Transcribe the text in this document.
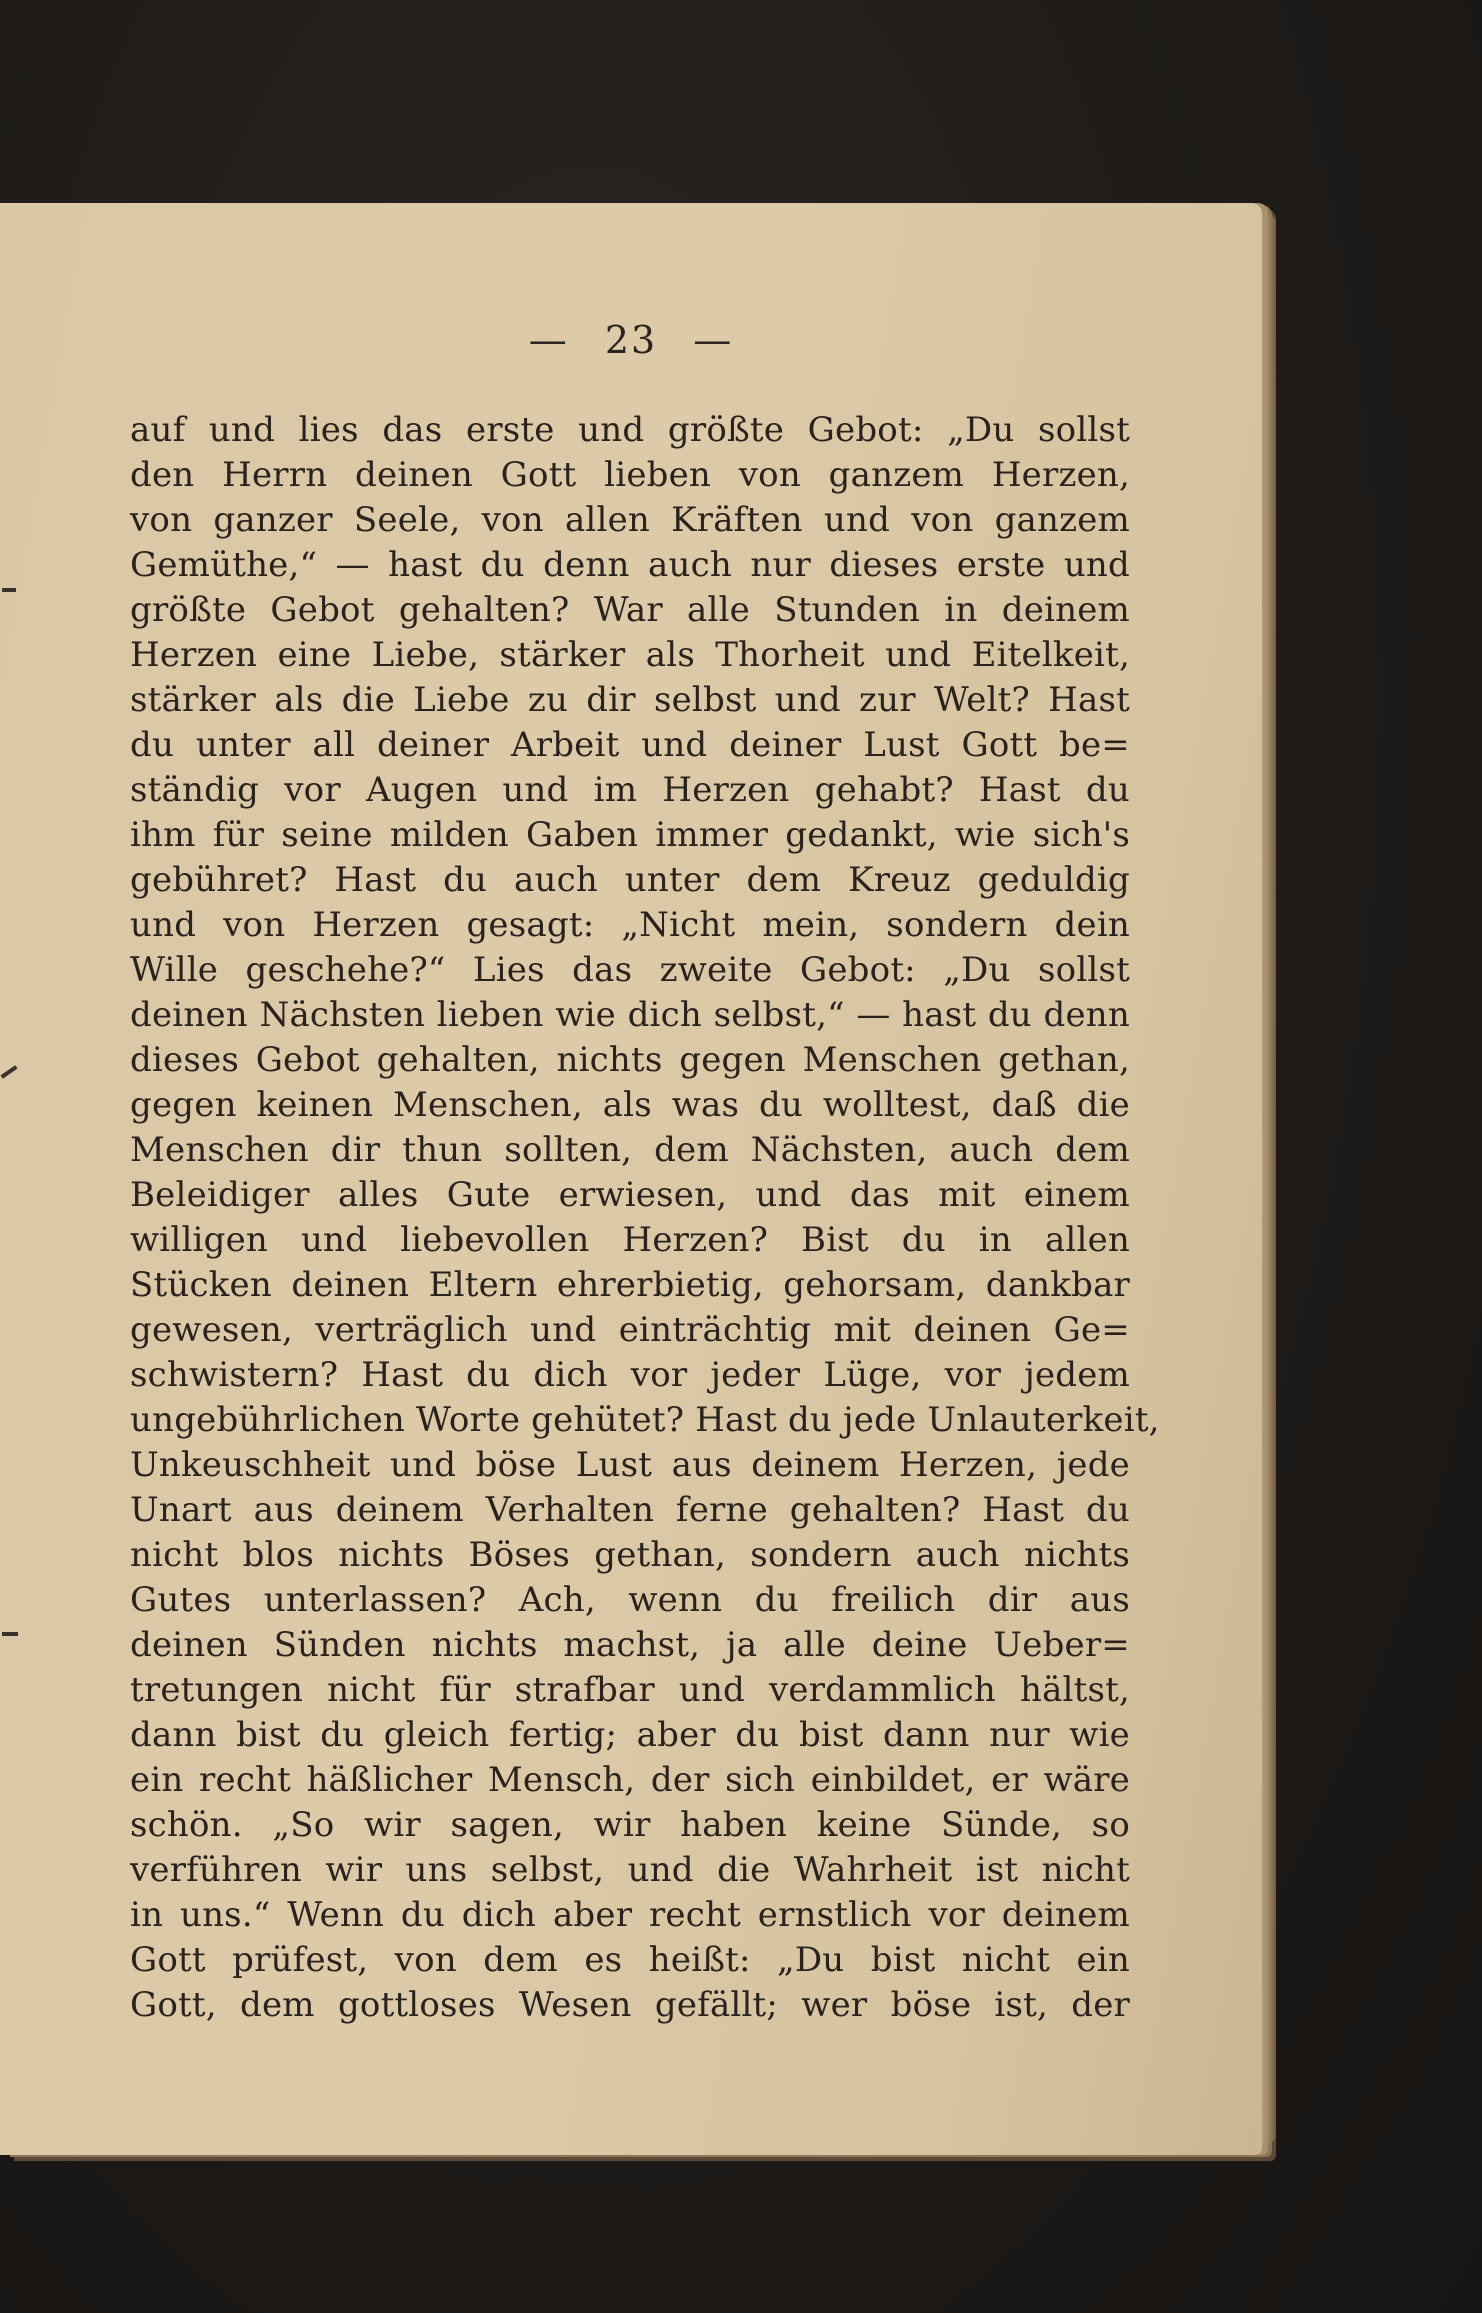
— 23 —
auf und lies das erste und größte Gebot: „Du sollst
den Herrn deinen Gott lieben von ganzem Herzen,
von ganzer Seele, von allen Kräften und von ganzem
Gemüthe,“ — hast du denn auch nur dieses erste und
größte Gebot gehalten? War alle Stunden in deinem
Herzen eine Liebe, stärker als Thorheit und Eitelkeit,
stärker als die Liebe zu dir selbst und zur Welt? Hast
du unter all deiner Arbeit und deiner Lust Gott be=
ständig vor Augen und im Herzen gehabt? Hast du
ihm für seine milden Gaben immer gedankt, wie sich's
gebühret? Hast du auch unter dem Kreuz geduldig
und von Herzen gesagt: „Nicht mein, sondern dein
Wille geschehe?“ Lies das zweite Gebot: „Du sollst
deinen Nächsten lieben wie dich selbst,“ — hast du denn
dieses Gebot gehalten, nichts gegen Menschen gethan,
gegen keinen Menschen, als was du wolltest, daß die
Menschen dir thun sollten, dem Nächsten, auch dem
Beleidiger alles Gute erwiesen, und das mit einem
willigen und liebevollen Herzen? Bist du in allen
Stücken deinen Eltern ehrerbietig, gehorsam, dankbar
gewesen, verträglich und einträchtig mit deinen Ge=
schwistern? Hast du dich vor jeder Lüge, vor jedem
ungebührlichen Worte gehütet? Hast du jede Unlauterkeit,
Unkeuschheit und böse Lust aus deinem Herzen, jede
Unart aus deinem Verhalten ferne gehalten? Hast du
nicht blos nichts Böses gethan, sondern auch nichts
Gutes unterlassen? Ach, wenn du freilich dir aus
deinen Sünden nichts machst, ja alle deine Ueber=
tretungen nicht für strafbar und verdammlich hältst,
dann bist du gleich fertig; aber du bist dann nur wie
ein recht häßlicher Mensch, der sich einbildet, er wäre
schön. „So wir sagen, wir haben keine Sünde, so
verführen wir uns selbst, und die Wahrheit ist nicht
in uns.“ Wenn du dich aber recht ernstlich vor deinem
Gott prüfest, von dem es heißt: „Du bist nicht ein
Gott, dem gottloses Wesen gefällt; wer böse ist, der
